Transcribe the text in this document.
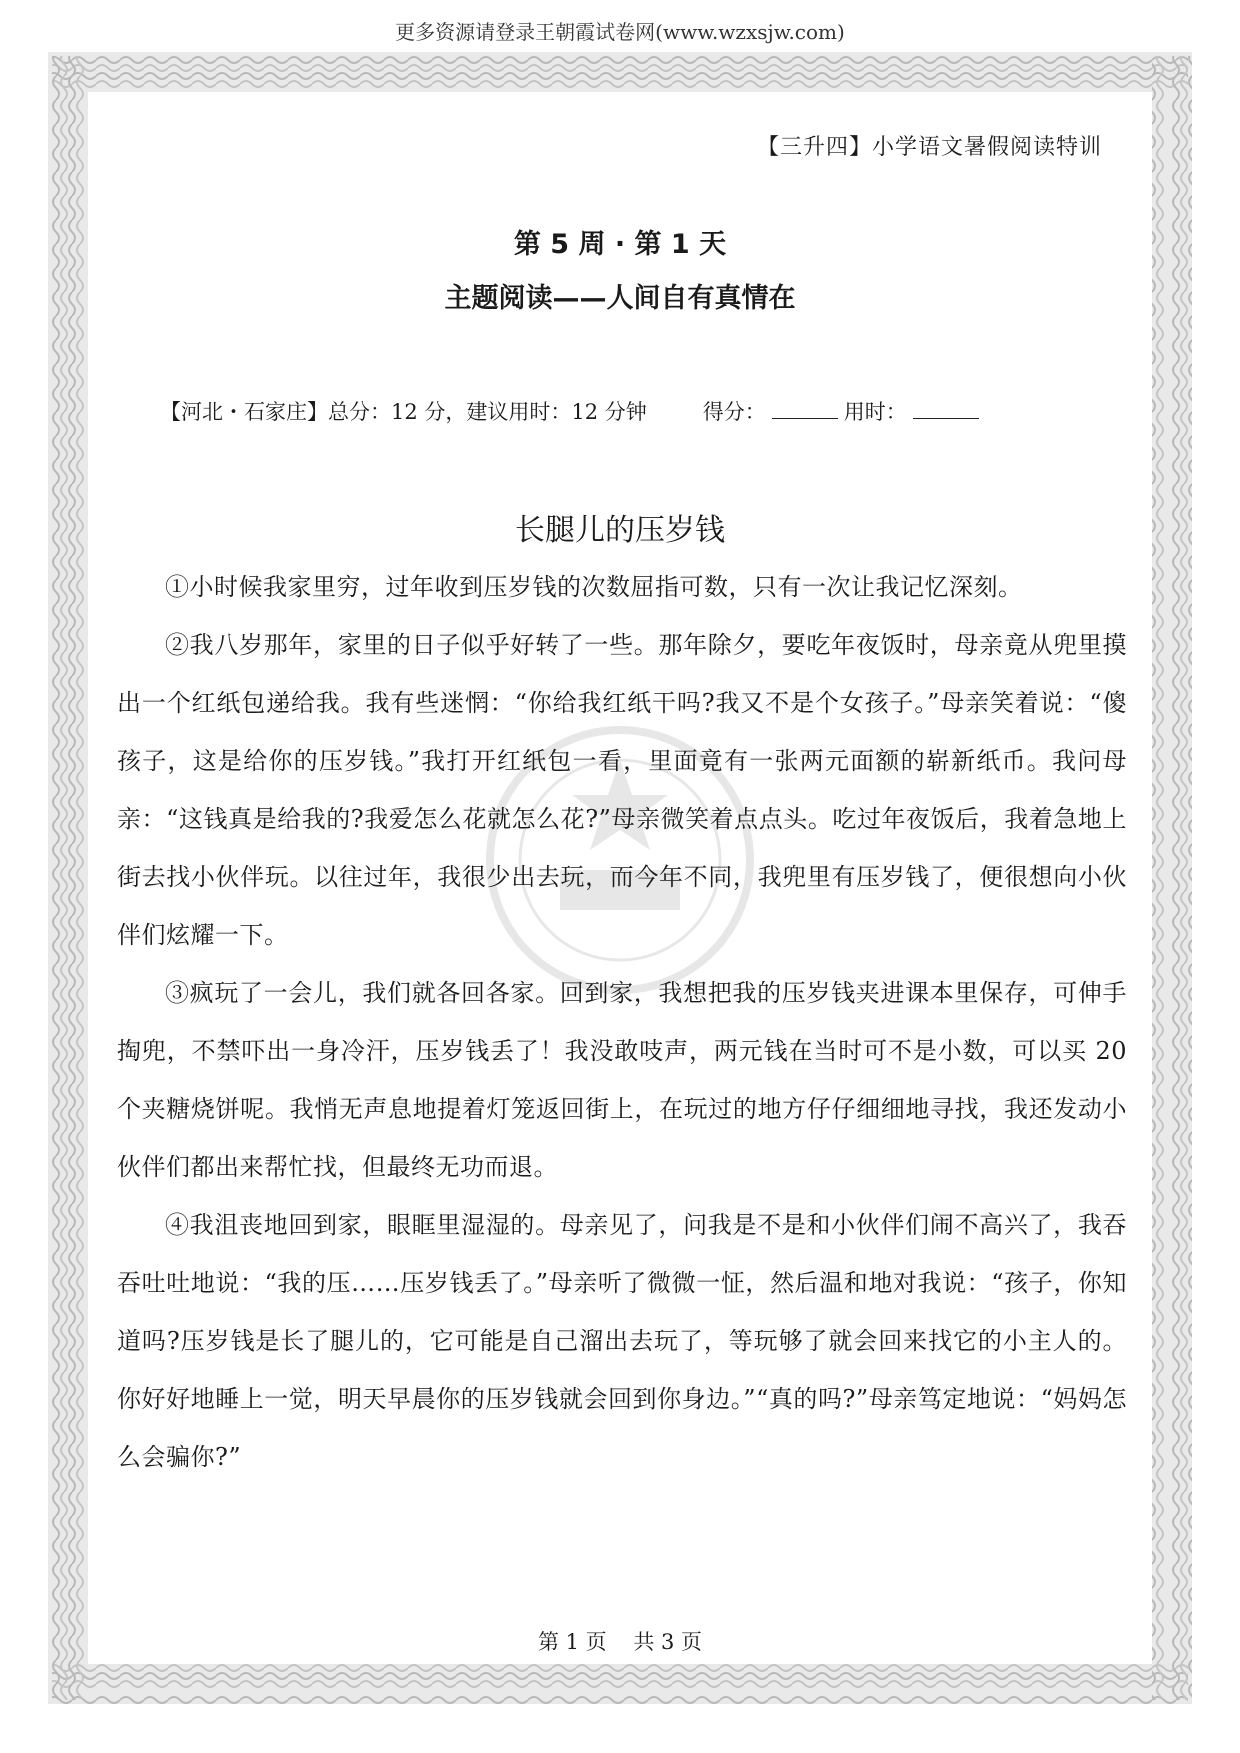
更多资源请登录王朝霞试卷网(www.wzxsjw.com)
【三升四】小学语文暑假阅读特训
第 5 周 · 第 1 天
主题阅读——人间自有真情在
【河北・石家庄】总分：12 分，建议用时：12 分钟	得分：	用时：
长腿儿的压岁钱

①小时候我家里穷，过年收到压岁钱的次数屈指可数，只有一次让我记忆深刻。

②我八岁那年，家里的日子似乎好转了一些。那年除夕，要吃年夜饭时，母亲竟从兜里摸出一个红纸包递给我。我有些迷惘：“你给我红纸干吗?我又不是个女孩子。”母亲笑着说：“傻孩子，这是给你的压岁钱。”我打开红纸包一看，里面竟有一张两元面额的崭新纸币。我问母亲：“这钱真是给我的?我爱怎么花就怎么花?”母亲微笑着点点头。吃过年夜饭后，我着急地上街去找小伙伴玩。以往过年，我很少出去玩，而今年不同，我兜里有压岁钱了，便很想向小伙伴们炫耀一下。

③疯玩了一会儿，我们就各回各家。回到家，我想把我的压岁钱夹进课本里保存，可伸手掏兜，不禁吓出一身冷汗，压岁钱丢了！我没敢吱声，两元钱在当时可不是小数，可以买 20 个夹糖烧饼呢。我悄无声息地提着灯笼返回街上，在玩过的地方仔仔细细地寻找，我还发动小伙伴们都出来帮忙找，但最终无功而退。

④我沮丧地回到家，眼眶里湿湿的。母亲见了，问我是不是和小伙伴们闹不高兴了，我吞吞吐吐地说：“我的压……压岁钱丢了。”母亲听了微微一怔，然后温和地对我说：“孩子，你知道吗?压岁钱是长了腿儿的，它可能是自己溜出去玩了，等玩够了就会回来找它的小主人的。你好好地睡上一觉，明天早晨你的压岁钱就会回到你身边。”“真的吗?”母亲笃定地说：“妈妈怎么会骗你?”

第 1 页    共 3 页
